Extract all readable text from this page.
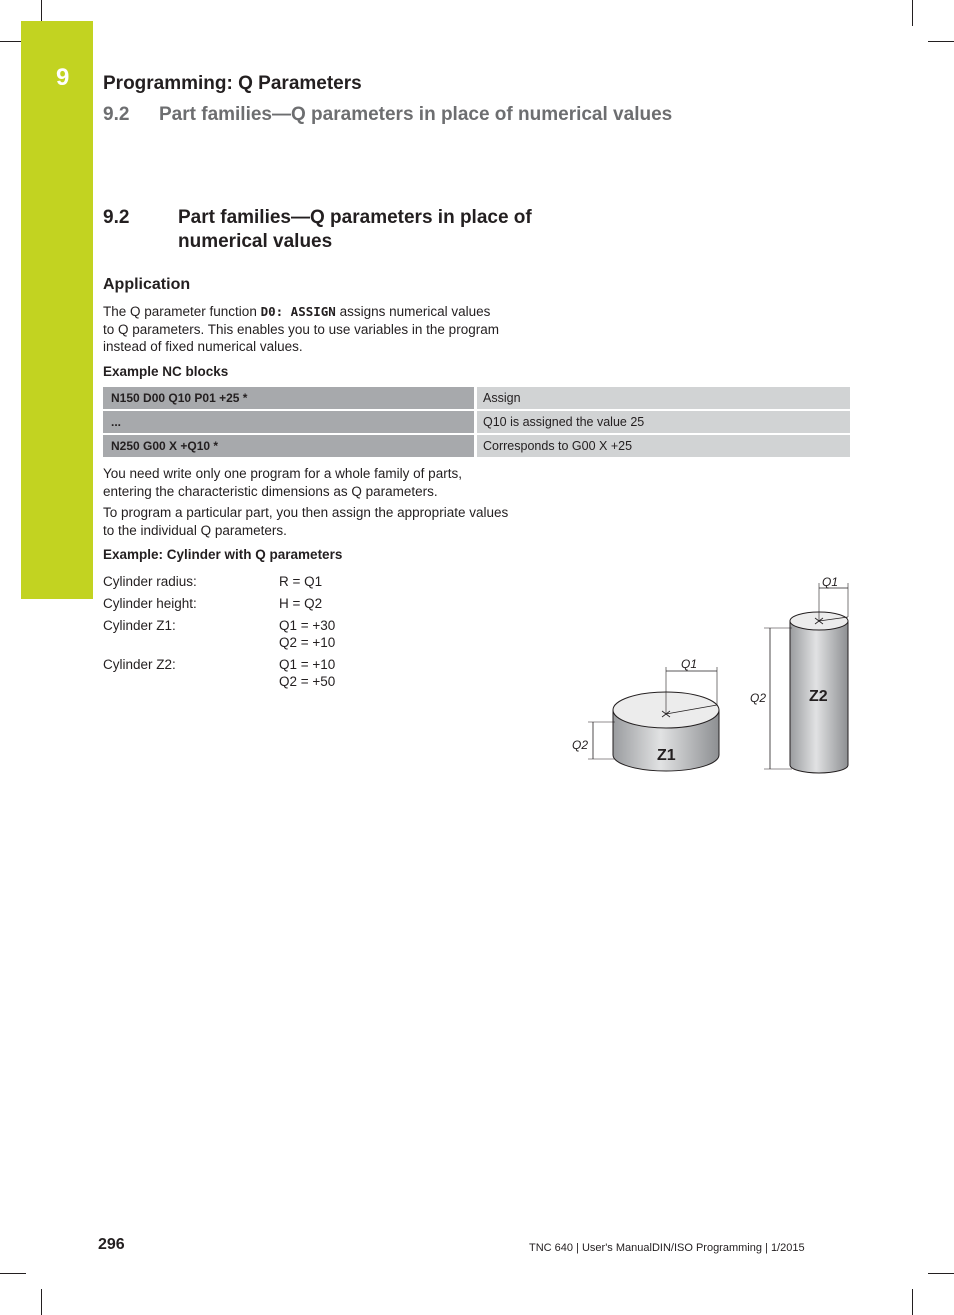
9 Programming: Q Parameters
9.2 Part families—Q parameters in place of numerical values
9.2	Part families—Q parameters in place of numerical values
Application
The Q parameter function D0: ASSIGN assigns numerical values
to Q parameters. This enables you to use variables in the program
instead of fixed numerical values.
Example NC blocks
N150 D00 Q10 P01 +25 *	Assign
...	Q10 is assigned the value 25
N250 G00 X +Q10 *	Corresponds to G00 X +25
You need write only one program for a whole family of parts,
entering the characteristic dimensions as Q parameters.
To program a particular part, you then assign the appropriate values
to the individual Q parameters.
Example: Cylinder with Q parameters
Cylinder radius:	R = Q1
Cylinder height:	H = Q2
Cylinder Z1:	Q1 = +30
Q2 = +10
Cylinder Z2:	Q1 = +10
Q2 = +50
Q1
Q2
Z1
Q1
Q2	Z2
296	TNC 640 | User's ManualDIN/ISO Programming | 1/2015
